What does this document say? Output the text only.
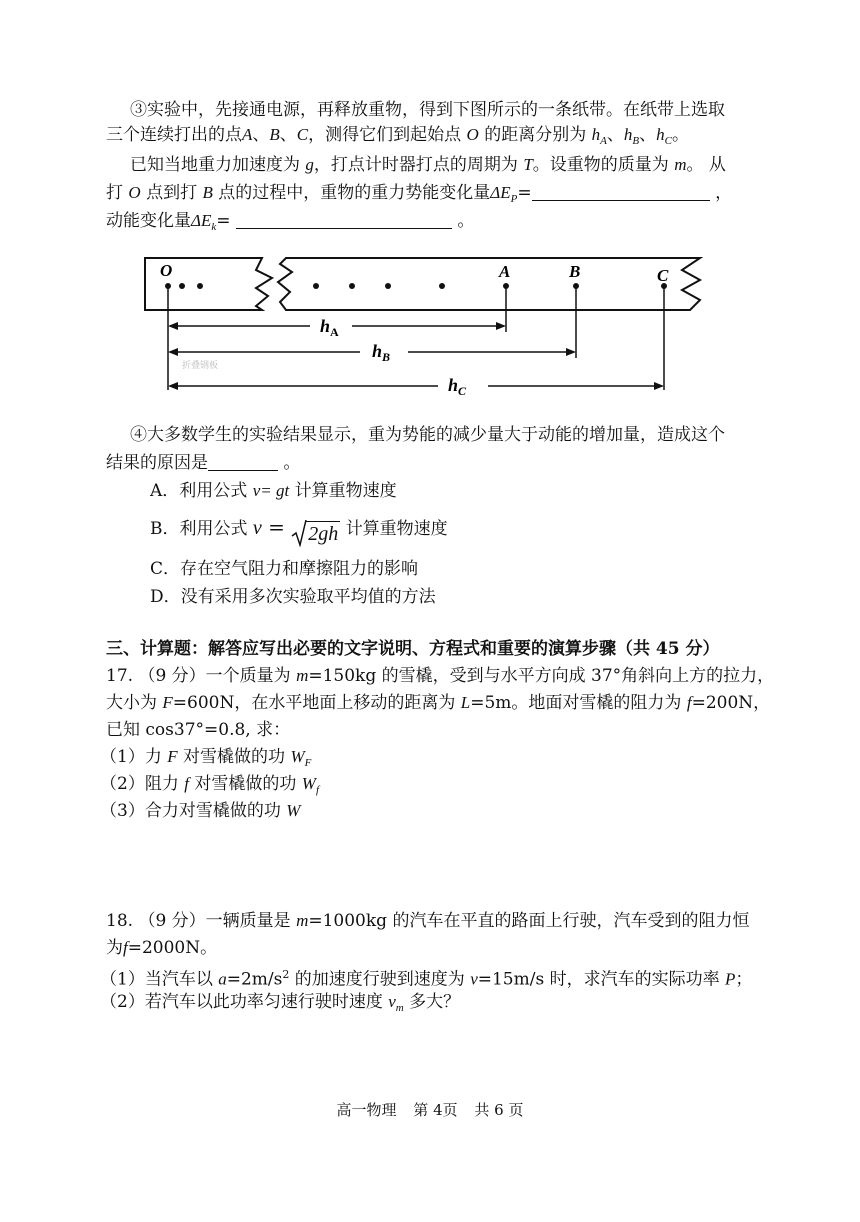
③实验中，先接通电源，再释放重物，得到下图所示的一条纸带。在纸带上选取
三个连续打出的点A、B、C，测得它们到起始点 O 的距离分别为 $h_A$、$h_B$、$h_C$。
已知当地重力加速度为 g，打点计时器打点的周期为 T。设重物的质量为 m。 从
打 O 点到打 B 点的过程中，重物的重力势能变化量$\Delta E_P=$	，
动能变化量$\Delta E_k=$	。
O	A	B	C
$h_A$
$h_B$
$h_C$
折叠钢板
④大多数学生的实验结果显示，重为势能的减少量大于动能的增加量，造成这个
结果的原因是	。
A．利用公式 v= gt 计算重物速度
B．利用公式 v =
2gh 计算重物速度
C．存在空气阻力和摩擦阻力的影响
D．没有采用多次实验取平均值的方法
三、计算题：解答应写出必要的文字说明、方程式和重要的演算步骤（共 45 分）
17. （9 分）一个质量为 m=150kg 的雪橇，受到与水平方向成 37°角斜向上方的拉力，
大小为 F=600N，在水平地面上移动的距离为 L=5m。地面对雪橇的阻力为 f=200N，
已知 cos37°=0.8, 求：
（1）力 F 对雪橇做的功 $W_F$
（2）阻力 f 对雪橇做的功 $W_f$
（3）合力对雪橇做的功 W
18. （9 分）一辆质量是 m=1000kg 的汽车在平直的路面上行驶，汽车受到的阻力恒
为f=2000N。
（1）当汽车以 $a=2m/s^2$ 的加速度行驶到速度为 v=15m/s 时，求汽车的实际功率 P；
（2）若汽车以此功率匀速行驶时速度 $v_m$ 多大？
高一物理 第 4页 共 6 页
